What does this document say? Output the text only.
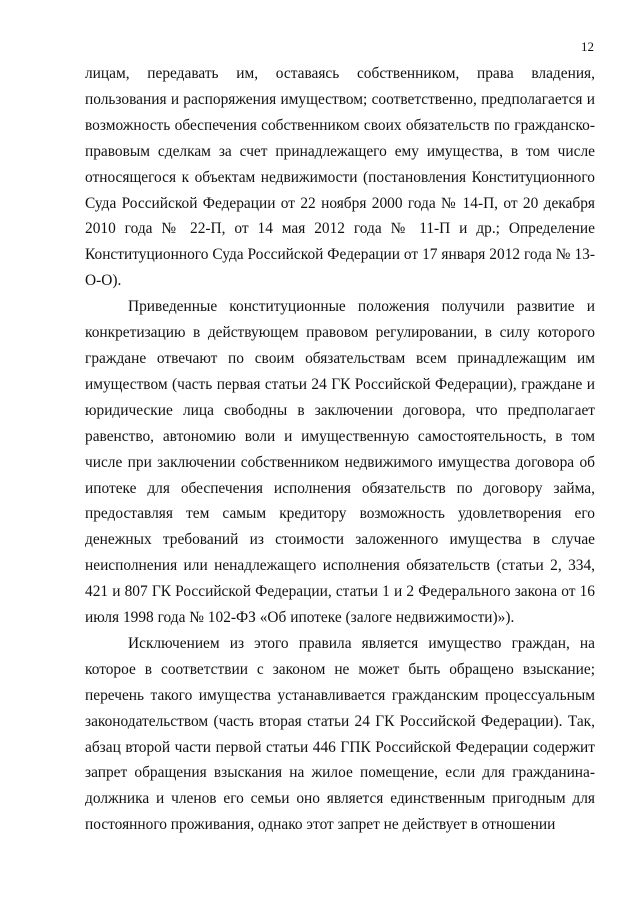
12

лицам, передавать им, оставаясь собственником, права владения, пользования и распоряжения имуществом; соответственно, предполагается и возможность обеспечения собственником своих обязательств по гражданско-правовым сделкам за счет принадлежащего ему имущества, в том числе относящегося к объектам недвижимости (постановления Конституционного Суда Российской Федерации от 22 ноября 2000 года № 14-П, от 20 декабря 2010 года № 22-П, от 14 мая 2012 года № 11-П и др.; Определение Конституционного Суда Российской Федерации от 17 января 2012 года № 13-О-О).

Приведенные конституционные положения получили развитие и конкретизацию в действующем правовом регулировании, в силу которого граждане отвечают по своим обязательствам всем принадлежащим им имуществом (часть первая статьи 24 ГК Российской Федерации), граждане и юридические лица свободны в заключении договора, что предполагает равенство, автономию воли и имущественную самостоятельность, в том числе при заключении собственником недвижимого имущества договора об ипотеке для обеспечения исполнения обязательств по договору займа, предоставляя тем самым кредитору возможность удовлетворения его денежных требований из стоимости заложенного имущества в случае неисполнения или ненадлежащего исполнения обязательств (статьи 2, 334, 421 и 807 ГК Российской Федерации, статьи 1 и 2 Федерального закона от 16 июля 1998 года № 102-ФЗ «Об ипотеке (залоге недвижимости)»).

Исключением из этого правила является имущество граждан, на которое в соответствии с законом не может быть обращено взыскание; перечень такого имущества устанавливается гражданским процессуальным законодательством (часть вторая статьи 24 ГК Российской Федерации). Так, абзац второй части первой статьи 446 ГПК Российской Федерации содержит запрет обращения взыскания на жилое помещение, если для гражданина-должника и членов его семьи оно является единственным пригодным для постоянного проживания, однако этот запрет не действует в отношении
